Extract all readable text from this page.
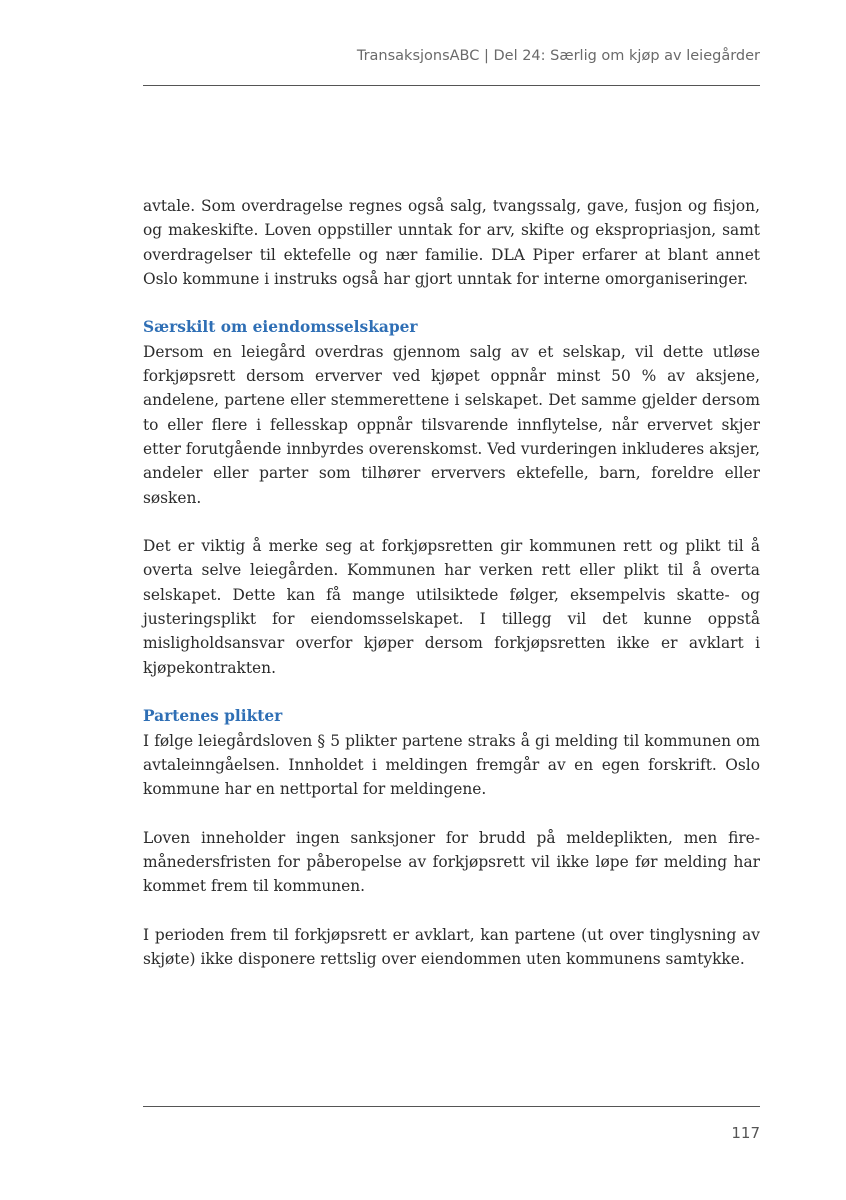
TransaksjonsABC | Del 24: Særlig om kjøp av leiegårder

avtale. Som overdragelse regnes også salg, tvangssalg, gave, fusjon og fisjon, og makeskifte. Loven oppstiller unntak for arv, skifte og ekspropriasjon, samt overdragelser til ektefelle og nær familie. DLA Piper erfarer at blant annet Oslo kommune i instruks også har gjort unntak for interne omorganiseringer.

Særskilt om eiendomsselskaper

Dersom en leiegård overdras gjennom salg av et selskap, vil dette utløse forkjøpsrett dersom erverver ved kjøpet oppnår minst 50 % av aksjene, andelene, partene eller stemmerettene i selskapet. Det samme gjelder dersom to eller flere i fellesskap oppnår tilsvarende innflytelse, når ervervet skjer etter forutgående innbyrdes overenskomst. Ved vurderingen inkluderes aksjer, andeler eller parter som tilhører erververs ektefelle, barn, foreldre eller søsken.

Det er viktig å merke seg at forkjøpsretten gir kommunen rett og plikt til å overta selve leiegården. Kommunen har verken rett eller plikt til å overta selskapet. Dette kan få mange utilsiktede følger, eksempelvis skatte- og justeringsplikt for eiendomsselskapet. I tillegg vil det kunne oppstå misligholdsansvar overfor kjøper dersom forkjøpsretten ikke er avklart i kjøpekontrakten.

Partenes plikter

I følge leiegårdsloven § 5 plikter partene straks å gi melding til kommunen om avtaleinngåelsen. Innholdet i meldingen fremgår av en egen forskrift. Oslo kommune har en nettportal for meldingene.

Loven inneholder ingen sanksjoner for brudd på meldeplikten, men firemånedersfristen for påberopelse av forkjøpsrett vil ikke løpe før melding har kommet frem til kommunen.

I perioden frem til forkjøpsrett er avklart, kan partene (ut over tinglysning av skjøte) ikke disponere rettslig over eiendommen uten kommunens samtykke.

117
